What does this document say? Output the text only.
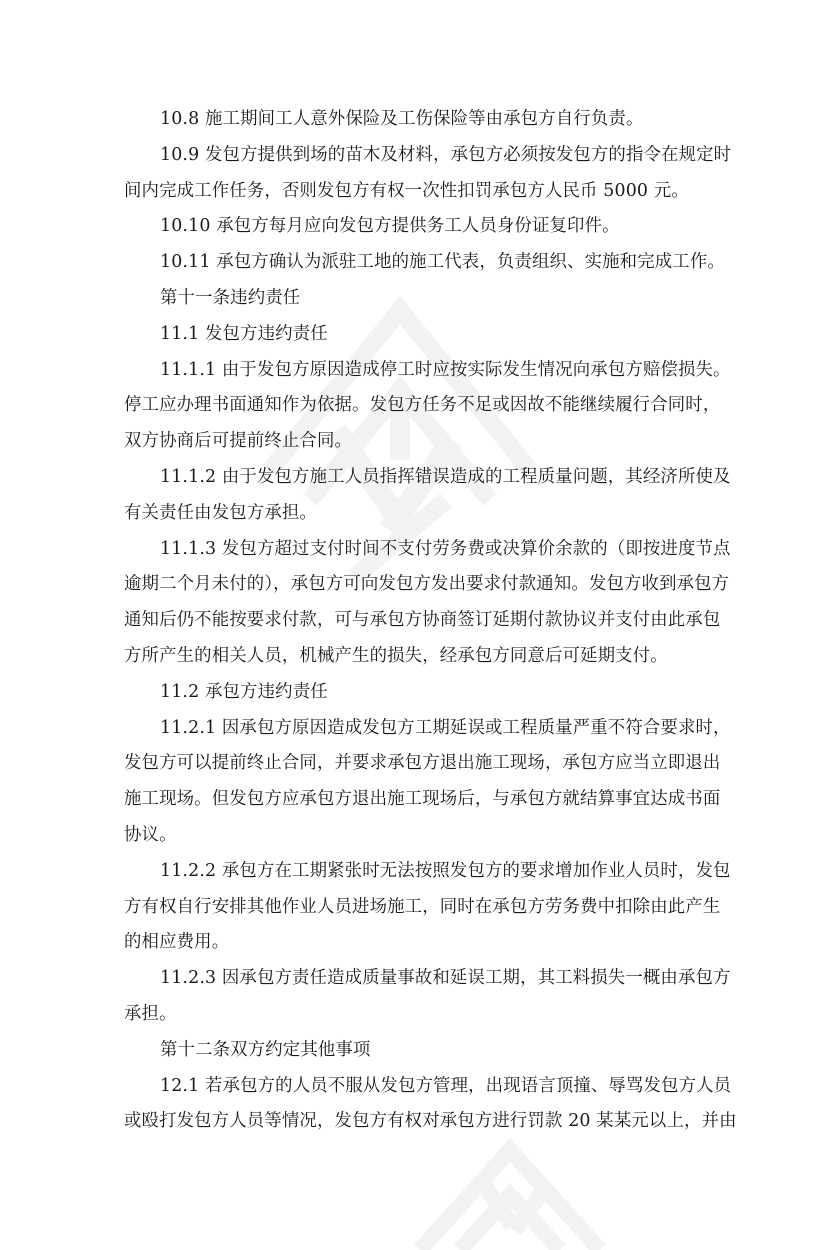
10.8 施工期间工人意外保险及工伤保险等由承包方自行负责。
10.9 发包方提供到场的苗木及材料，承包方必须按发包方的指令在规定时
间内完成工作任务，否则发包方有权一次性扣罚承包方人民币 5000 元。
10.10 承包方每月应向发包方提供务工人员身份证复印件。
10.11 承包方确认为派驻工地的施工代表，负责组织、实施和完成工作。
第十一条违约责任
11.1 发包方违约责任
11.1.1 由于发包方原因造成停工时应按实际发生情况向承包方赔偿损失。
停工应办理书面通知作为依据。发包方任务不足或因故不能继续履行合同时，
双方协商后可提前终止合同。
11.1.2 由于发包方施工人员指挥错误造成的工程质量问题，其经济所使及
有关责任由发包方承担。
11.1.3 发包方超过支付时间不支付劳务费或决算价余款的（即按进度节点
逾期二个月未付的），承包方可向发包方发出要求付款通知。发包方收到承包方
通知后仍不能按要求付款，可与承包方协商签订延期付款协议并支付由此承包
方所产生的相关人员，机械产生的损失，经承包方同意后可延期支付。
11.2 承包方违约责任
11.2.1 因承包方原因造成发包方工期延误或工程质量严重不符合要求时，
发包方可以提前终止合同，并要求承包方退出施工现场，承包方应当立即退出
施工现场。但发包方应承包方退出施工现场后，与承包方就结算事宜达成书面
协议。
11.2.2 承包方在工期紧张时无法按照发包方的要求增加作业人员时，发包
方有权自行安排其他作业人员进场施工，同时在承包方劳务费中扣除由此产生
的相应费用。
11.2.3 因承包方责任造成质量事故和延误工期，其工料损失一概由承包方
承担。
第十二条双方约定其他事项
12.1 若承包方的人员不服从发包方管理，出现语言顶撞、辱骂发包方人员
或殴打发包方人员等情况，发包方有权对承包方进行罚款 20 某某元以上，并由
